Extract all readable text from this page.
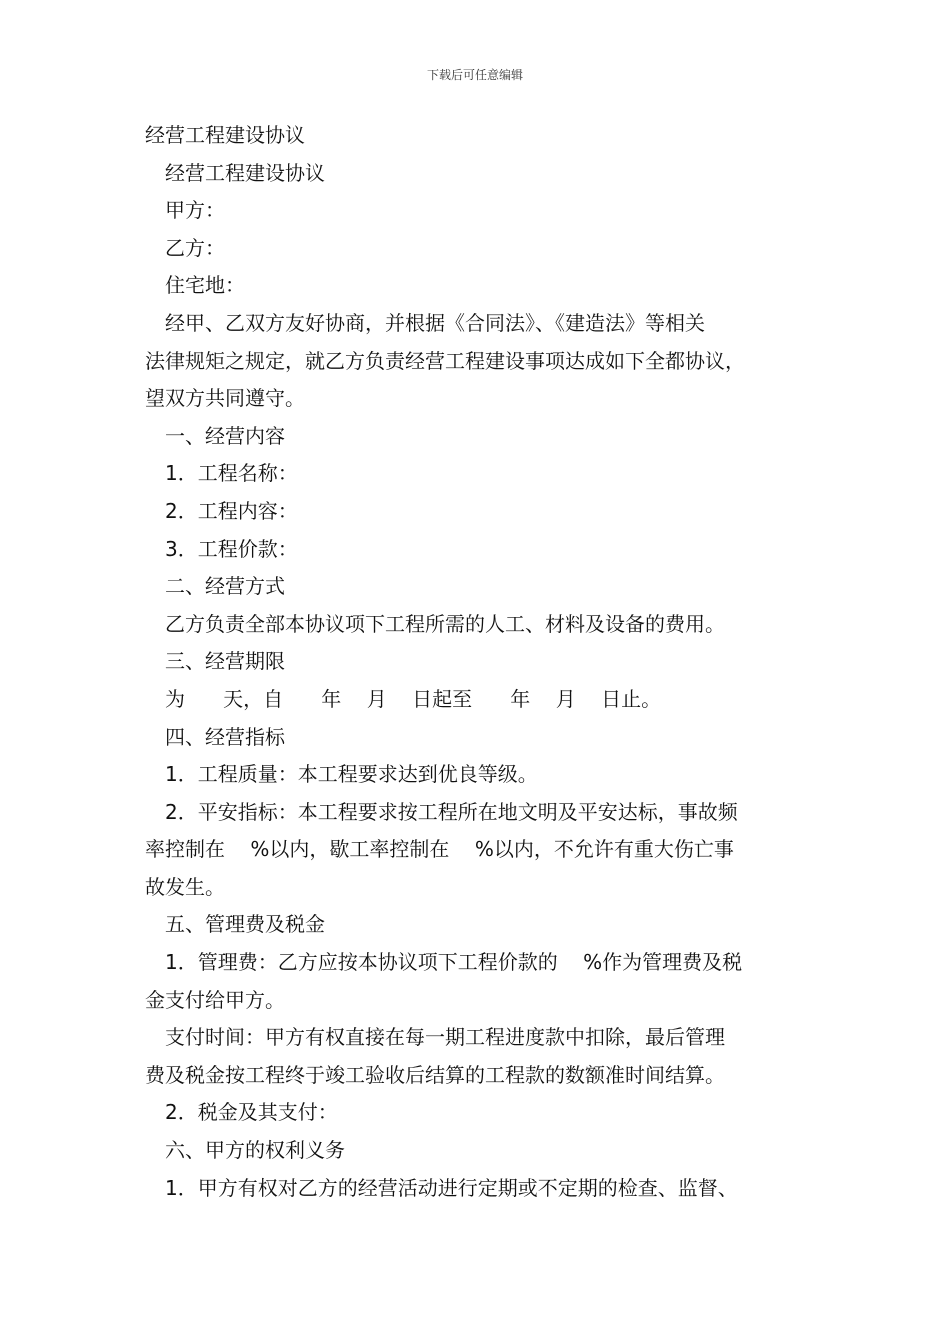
下载后可任意编辑

经营工程建设协议

经营工程建设协议

甲方：

乙方：

住宅地：

经甲、乙双方友好协商，并根据《合同法》、《建造法》等相关

法律规矩之规定，就乙方负责经营工程建设事项达成如下全都协议，

望双方共同遵守。

一、经营内容

1．工程名称：

2．工程内容：

3．工程价款：

二、经营方式

乙方负责全部本协议项下工程所需的人工、材料及设备的费用。

三、经营期限

为      天，自      年    月    日起至      年    月    日止。

四、经营指标

1．工程质量：本工程要求达到优良等级。

2．平安指标：本工程要求按工程所在地文明及平安达标，事故频

率控制在    %以内，歇工率控制在    %以内，不允许有重大伤亡事

故发生。

五、管理费及税金

1．管理费：乙方应按本协议项下工程价款的    %作为管理费及税

金支付给甲方。

支付时间：甲方有权直接在每一期工程进度款中扣除，最后管理

费及税金按工程终于竣工验收后结算的工程款的数额准时间结算。

2．税金及其支付：

六、甲方的权利义务

1．甲方有权对乙方的经营活动进行定期或不定期的检查、监督、
